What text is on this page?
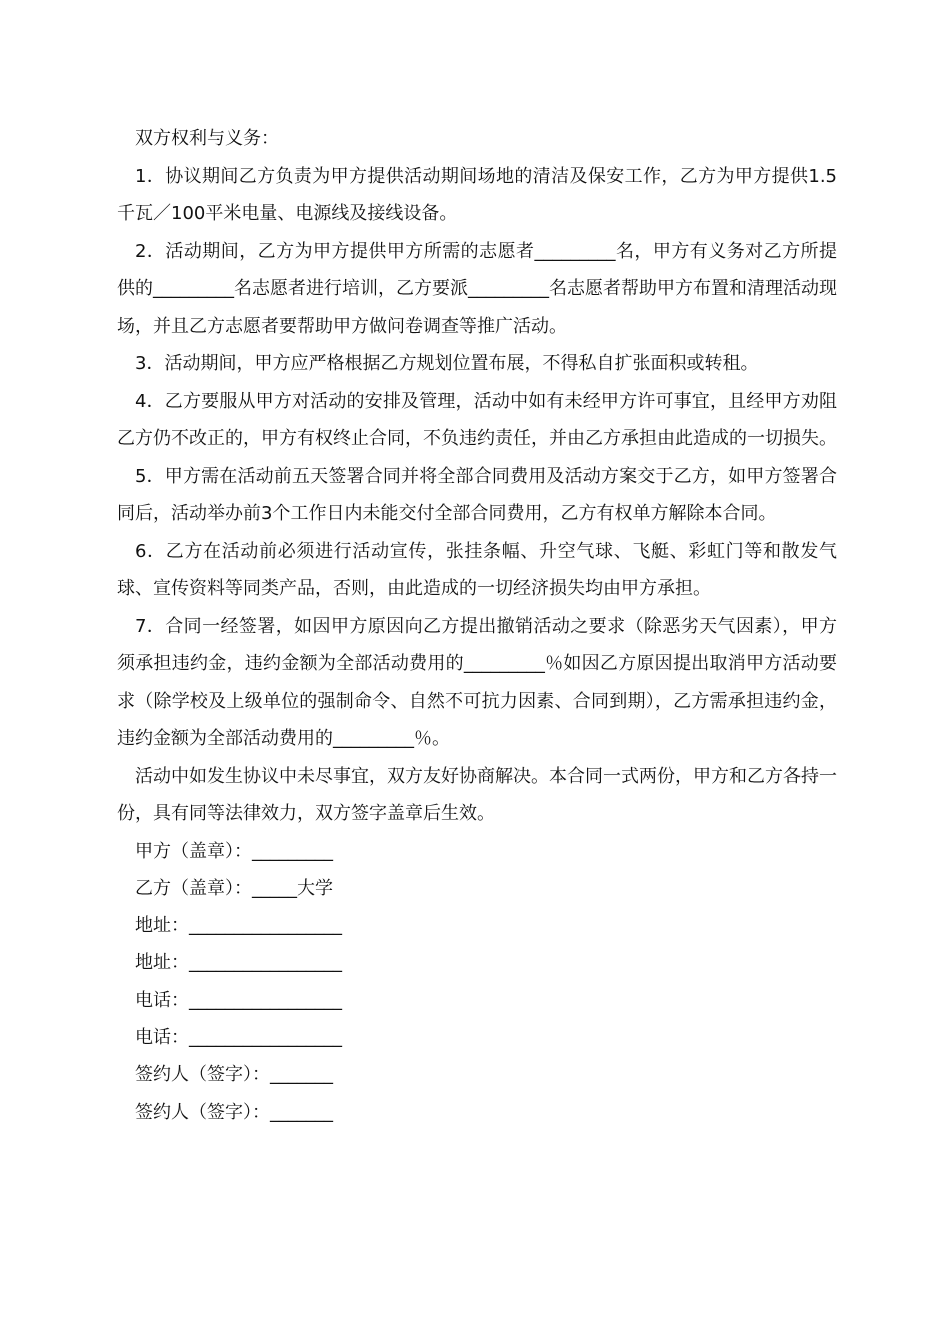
双方权利与义务：

1．协议期间乙方负责为甲方提供活动期间场地的清洁及保安工作，乙方为甲方提供1.5千瓦／100平米电量、电源线及接线设备。

2．活动期间，乙方为甲方提供甲方所需的志愿者_________名，甲方有义务对乙方所提供的_________名志愿者进行培训，乙方要派_________名志愿者帮助甲方布置和清理活动现场，并且乙方志愿者要帮助甲方做问卷调查等推广活动。

3．活动期间，甲方应严格根据乙方规划位置布展，不得私自扩张面积或转租。

4．乙方要服从甲方对活动的安排及管理，活动中如有未经甲方许可事宜，且经甲方劝阻乙方仍不改正的，甲方有权终止合同，不负违约责任，并由乙方承担由此造成的一切损失。

5．甲方需在活动前五天签署合同并将全部合同费用及活动方案交于乙方，如甲方签署合同后，活动举办前3个工作日内未能交付全部合同费用，乙方有权单方解除本合同。

6．乙方在活动前必须进行活动宣传，张挂条幅、升空气球、飞艇、彩虹门等和散发气球、宣传资料等同类产品，否则，由此造成的一切经济损失均由甲方承担。

7．合同一经签署，如因甲方原因向乙方提出撤销活动之要求（除恶劣天气因素），甲方须承担违约金，违约金额为全部活动费用的_________％如因乙方原因提出取消甲方活动要求（除学校及上级单位的强制命令、自然不可抗力因素、合同到期），乙方需承担违约金，违约金额为全部活动费用的_________％。

活动中如发生协议中未尽事宜，双方友好协商解决。本合同一式两份，甲方和乙方各持一份，具有同等法律效力，双方签字盖章后生效。

甲方（盖章）：_________

乙方（盖章）：_____大学

地址：_________________

地址：_________________

电话：_________________

电话：_________________

签约人（签字）：_______

签约人（签字）：_______
